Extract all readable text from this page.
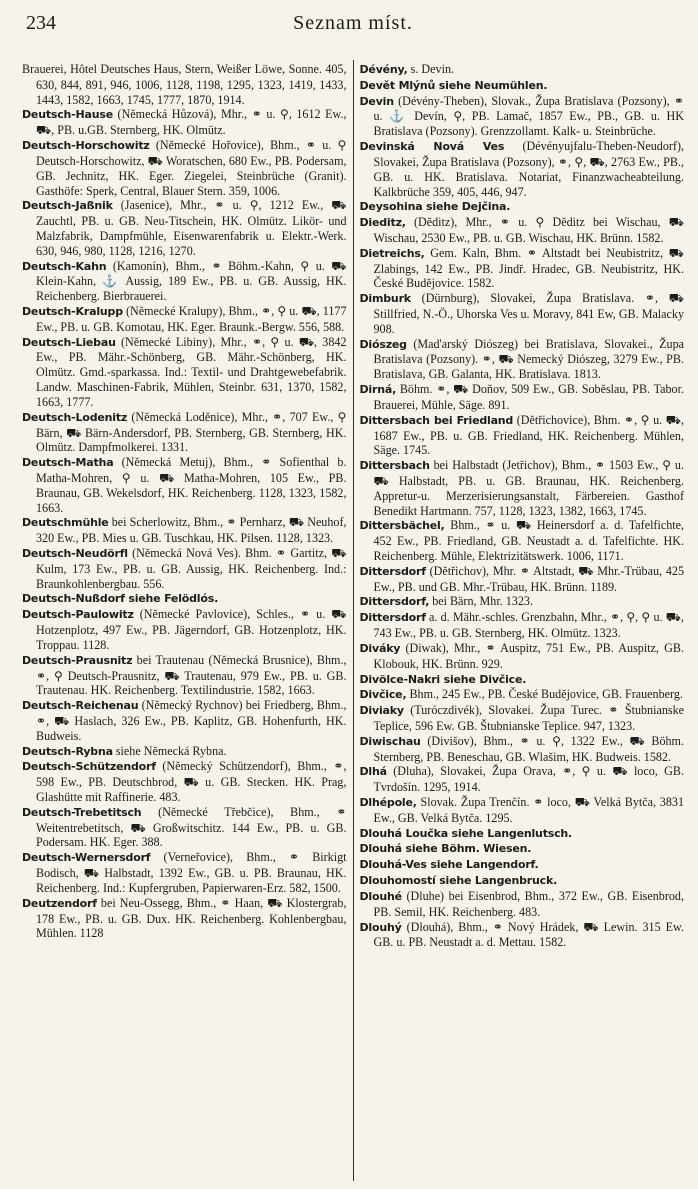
234	Seznam míst.

Brauerei, Hôtel Deutsches Haus, Stern, Weißer Löwe, Sonne. 405, 630, 844, 891, 946, 1006, 1128, 1198, 1295, 1323, 1419, 1433, 1443, 1582, 1663, 1745, 1777, 1870, 1914.

Deutsch-Hause (Německá Hůzová), Mhr., ⚭ u. ⚲, 1612 Ew., ⛟, PB. u.GB. Sternberg, HK. Olmütz.

Deutsch-Horschowitz (Německé Hořovice), Bhm., ⚭ u. ⚲ Deutsch-Horschowitz, ⛟ Woratschen, 680 Ew., PB. Podersam, GB. Jechnitz, HK. Eger. Ziegelei, Steinbrüche (Granit). Gasthöfe: Sperk, Central, Blauer Stern. 359, 1006.

Deutsch-Jaßnik (Jasenice), Mhr., ⚭ u. ⚲, 1212 Ew., ⛟ Zauchtl, PB. u. GB. Neu-Titschein, HK. Olmütz. Likör- und Malzfabrik, Dampfmühle, Eisenwarenfabrik u. Elektr.-Werk. 630, 946, 980, 1128, 1216, 1270.

Deutsch-Kahn (Kamonín), Bhm., ⚭ Böhm.-Kahn, ⚲ u. ⛟ Klein-Kahn, ⚓ Aussig, 189 Ew., PB. u. GB. Aussig, HK. Reichenberg. Bierbrauerei.

Deutsch-Kralupp (Německé Kralupy), Bhm., ⚭, ⚲ u. ⛟, 1177 Ew., PB. u. GB. Komotau, HK. Eger. Braunk.-Bergw. 556, 588.

Deutsch-Liebau (Německé Libiny), Mhr., ⚭, ⚲ u. ⛟, 3842 Ew., PB. Mähr.-Schönberg, GB. Mähr.-Schönberg, HK. Olmütz. Gmd.-sparkassa. Ind.: Textil- und Drahtgewebefabrik. Landw. Maschinen-Fabrik, Mühlen, Steinbr. 631, 1370, 1582, 1663, 1777.

Deutsch-Lodenitz (Německá Loděnice), Mhr., ⚭, 707 Ew., ⚲ Bärn, ⛟ Bärn-Andersdorf, PB. Sternberg, GB. Sternberg, HK. Olmütz. Dampfmolkerei. 1331.

Deutsch-Matha (Německá Metuj), Bhm., ⚭ Sofienthal b. Matha-Mohren, ⚲ u. ⛟ Matha-Mohren, 105 Ew., PB. Braunau, GB. Wekelsdorf, HK. Reichenberg. 1128, 1323, 1582, 1663.

Deutschmühle bei Scherlowitz, Bhm., ⚭ Pernharz, ⛟ Neuhof, 320 Ew., PB. Mies u. GB. Tuschkau, HK. Pilsen. 1128, 1323.

Deutsch-Neudörfl (Německá Nová Ves). Bhm. ⚭ Gartitz, ⛟ Kulm, 173 Ew., PB. u. GB. Aussig, HK. Reichenberg. Ind.: Braunkohlenbergbau. 556.

Deutsch-Nußdorf siehe Felödlós.

Deutsch-Paulowitz (Německé Pavlovice), Schles., ⚭ u. ⛟ Hotzenplotz, 497 Ew., PB. Jägerndorf, GB. Hotzenplotz, HK. Troppau. 1128.

Deutsch-Prausnitz bei Trautenau (Německá Brusnice), Bhm., ⚭, ⚲ Deutsch-Prausnitz, ⛟ Trautenau, 979 Ew., PB. u. GB. Trautenau. HK. Reichenberg. Textilindustrie. 1582, 1663.

Deutsch-Reichenau (Německý Rychnov) bei Friedberg, Bhm., ⚭, ⛟ Haslach, 326 Ew., PB. Kaplitz, GB. Hohenfurth, HK. Budweis.

Deutsch-Rybna siehe Německá Rybna.

Deutsch-Schützendorf (Německý Schützendorf), Bhm., ⚭, 598 Ew., PB. Deutschbrod, ⛟ u. GB. Stecken. HK. Prag, Glashütte mit Raffinerie. 483.

Deutsch-Trebetitsch (Německé Třebčice), Bhm., ⚭ Weitentrebetitsch, ⛟ Großwitschitz. 144 Ew., PB. u. GB. Podersam. HK. Eger. 388.

Deutsch-Wernersdorf (Verneřovice), Bhm., ⚭ Birkigt Bodisch, ⛟ Halbstadt, 1392 Ew., GB. u. PB. Braunau, HK. Reichenberg. Ind.: Kupfergruben, Papierwaren-Erz. 582, 1500.

Deutzendorf bei Neu-Ossegg, Bhm., ⚭ Haan, ⛟ Klostergrab, 178 Ew., PB. u. GB. Dux. HK. Reichenberg. Kohlenbergbau, Mühlen. 1128

Dévény, s. Devin.

Devět Mlýnů siehe Neumühlen.

Devin (Dévény-Theben), Slovak., Župa Bratislava (Pozsony), ⚭ u. ⚓ Devín, ⚲, PB. Lamač, 1857 Ew., PB., GB. u. HK Bratislava (Pozsony). Grenzzollamt. Kalk- u. Steinbrüche.

Devinská Nová Ves (Dévényujfalu-Theben-Neudorf), Slovakei, Župa Bratislava (Pozsony), ⚭, ⚲, ⛟, 2763 Ew., PB., GB. u. HK. Bratislava. Notariat, Finanzwacheabteilung. Kalkbrüche 359, 405, 446, 947.

Deysohina siehe Dejčina.

Dieditz, (Děditz), Mhr., ⚭ u. ⚲ Děditz bei Wischau, ⛟ Wischau, 2530 Ew., PB. u. GB. Wischau, HK. Brünn. 1582.

Dietreichs, Gem. Kaln, Bhm. ⚭ Altstadt bei Neubistritz, ⛟ Zlabings, 142 Ew., PB. Jindř. Hradec, GB. Neubistritz, HK. České Budějovice. 1582.

Dimburk (Dürnburg), Slovakei, Župa Bratislava. ⚭, ⛟ Stillfried, N.-Ö., Uhorska Ves u. Moravy, 841 Ew, GB. Malacky 908.

Diószeg (Mad'arský Diószeg) bei Bratislava, Slovakei., Župa Bratislava (Pozsony). ⚭, ⛟ Nemecký Diószeg, 3279 Ew., PB. Bratislava, GB. Galanta, HK. Bratislava. 1813.

Dirná, Böhm. ⚭, ⛟ Doňov, 509 Ew., GB. Soběslau, PB. Tabor. Brauerei, Mühle, Säge. 891.

Dittersbach bei Friedland (Dětřichovice), Bhm. ⚭, ⚲ u. ⛟, 1687 Ew., PB. u. GB. Friedland, HK. Reichenberg. Mühlen, Säge. 1745.

Dittersbach bei Halbstadt (Jetřichov), Bhm., ⚭ 1503 Ew., ⚲ u. ⛟ Halbstadt, PB. u. GB. Braunau, HK. Reichenberg. Appretur-u. Merzerisierungsanstalt, Färbereien. Gasthof Benedikt Hartmann. 757, 1128, 1323, 1382, 1663, 1745.

Dittersbächel, Bhm., ⚭ u. ⛟ Heinersdorf a. d. Tafelfichte, 452 Ew., PB. Friedland, GB. Neustadt a. d. Tafelfichte. HK. Reichenberg. Mühle, Elektrizitätswerk. 1006, 1171.

Dittersdorf (Dětřichov), Mhr. ⚭ Altstadt, ⛟ Mhr.-Trübau, 425 Ew., PB. und GB. Mhr.-Trübau, HK. Brünn. 1189.

Dittersdorf, bei Bärn, Mhr. 1323.

Dittersdorf a. d. Mähr.-schles. Grenzbahn, Mhr., ⚭, ⚲, ⚲ u. ⛟, 743 Ew., PB. u. GB. Sternberg, HK. Olmütz. 1323.

Diváky (Diwak), Mhr., ⚭ Auspitz, 751 Ew., PB. Auspitz, GB. Klobouk, HK. Brünn. 929.

Divölce-Nakri siehe Divčice.

Divčice, Bhm., 245 Ew., PB. České Budějovice, GB. Frauenberg.

Diviaky (Turóczdivék), Slovakei. Župa Turec. ⚭ Štubnianske Teplice, 596 Ew. GB. Štubnianske Teplice. 947, 1323.

Diwischau (Divišov), Bhm., ⚭ u. ⚲, 1322 Ew., ⛟ Böhm. Sternberg, PB. Beneschau, GB. Wlašim, HK. Budweis. 1582.

Dlhá (Dluha), Slovakei, Župa Orava, ⚭, ⚲ u. ⛟ loco, GB. Tvrdošín. 1295, 1914.

Dlhépole, Slovak. Župa Trenčín. ⚭ loco, ⛟ Velká Bytča, 3831 Ew., GB. Velká Bytča. 1295.

Dlouhá Loučka siehe Langenlutsch.

Dlouhá siehe Böhm. Wiesen.

Dlouhá-Ves siehe Langendorf.

Dlouhomostí siehe Langenbruck.

Dlouhé (Dluhe) bei Eisenbrod, Bhm., 372 Ew., GB. Eisenbrod, PB. Semil, HK. Reichenberg. 483.

Dlouhý (Dlouhá), Bhm., ⚭ Nový Hrádek, ⛟ Lewin. 315 Ew. GB. u. PB. Neustadt a. d. Mettau. 1582.
